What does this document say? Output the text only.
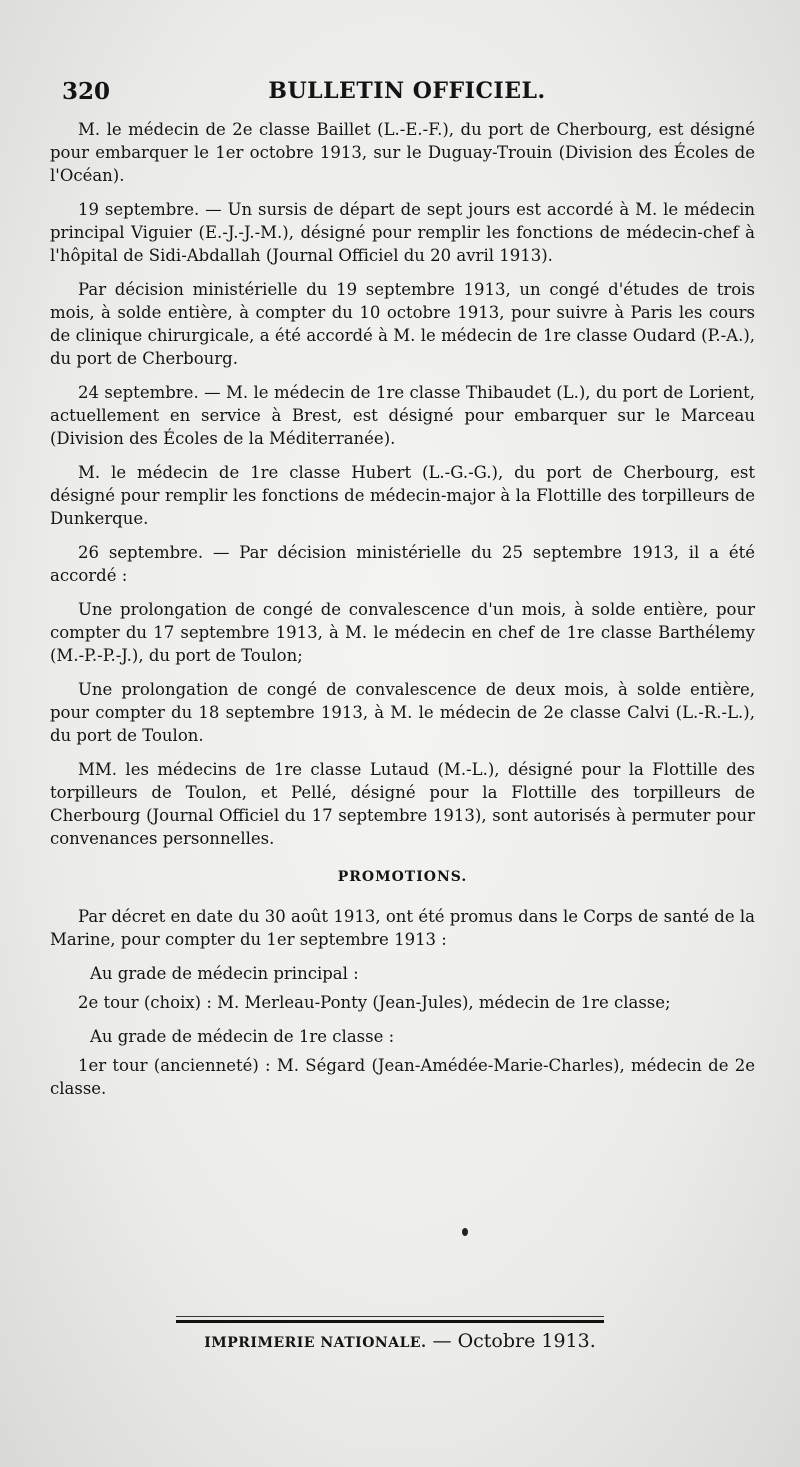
320	BULLETIN OFFICIEL.

M. le médecin de 2e classe Baillet (L.-E.-F.), du port de Cherbourg, est désigné pour embarquer le 1er octobre 1913, sur le Duguay-Trouin (Division des Écoles de l'Océan).

19 septembre. — Un sursis de départ de sept jours est accordé à M. le médecin principal Viguier (E.-J.-J.-M.), désigné pour remplir les fonctions de médecin-chef à l'hôpital de Sidi-Abdallah (Journal Officiel du 20 avril 1913).

Par décision ministérielle du 19 septembre 1913, un congé d'études de trois mois, à solde entière, à compter du 10 octobre 1913, pour suivre à Paris les cours de clinique chirurgicale, a été accordé à M. le médecin de 1re classe Oudard (P.-A.), du port de Cherbourg.

24 septembre. — M. le médecin de 1re classe Thibaudet (L.), du port de Lorient, actuellement en service à Brest, est désigné pour embarquer sur le Marceau (Division des Écoles de la Méditerranée).

M. le médecin de 1re classe Hubert (L.-G.-G.), du port de Cherbourg, est désigné pour remplir les fonctions de médecin-major à la Flottille des torpilleurs de Dunkerque.

26 septembre. — Par décision ministérielle du 25 septembre 1913, il a été accordé :

Une prolongation de congé de convalescence d'un mois, à solde entière, pour compter du 17 septembre 1913, à M. le médecin en chef de 1re classe Barthélemy (M.-P.-P.-J.), du port de Toulon;

Une prolongation de congé de convalescence de deux mois, à solde entière, pour compter du 18 septembre 1913, à M. le médecin de 2e classe Calvi (L.-R.-L.), du port de Toulon.

MM. les médecins de 1re classe Lutaud (M.-L.), désigné pour la Flottille des torpilleurs de Toulon, et Pellé, désigné pour la Flottille des torpilleurs de Cherbourg (Journal Officiel du 17 septembre 1913), sont autorisés à permuter pour convenances personnelles.

PROMOTIONS.

Par décret en date du 30 août 1913, ont été promus dans le Corps de santé de la Marine, pour compter du 1er septembre 1913 :

Au grade de médecin principal :

2e tour (choix) : M. Merleau-Ponty (Jean-Jules), médecin de 1re classe;

Au grade de médecin de 1re classe :

1er tour (ancienneté) : M. Ségard (Jean-Amédée-Marie-Charles), médecin de 2e classe.

IMPRIMERIE NATIONALE. — Octobre 1913.
